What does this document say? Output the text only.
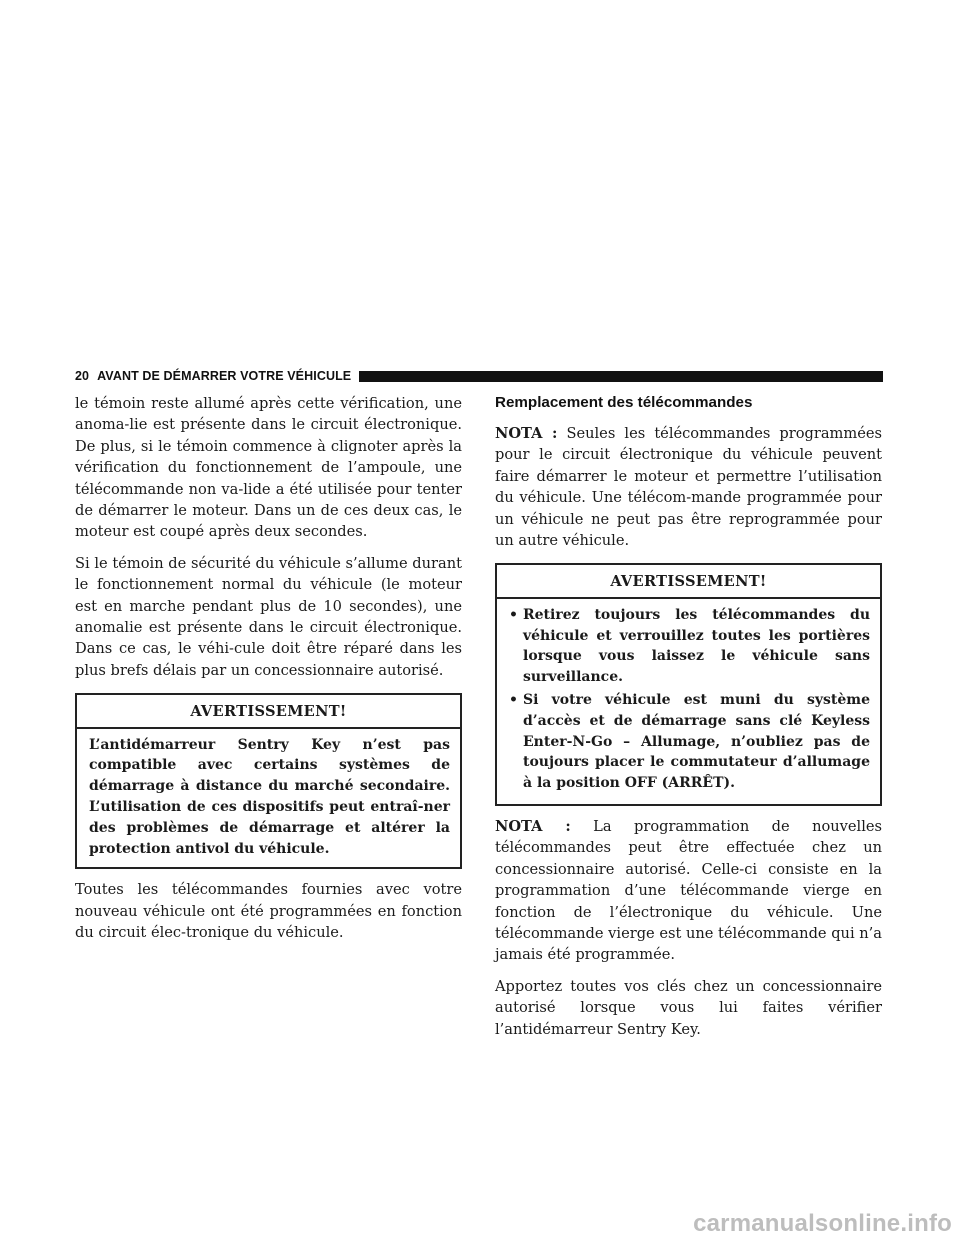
20 AVANT DE DÉMARRER VOTRE VÉHICULE

le témoin reste allumé après cette vérification, une anoma-lie est présente dans le circuit électronique. De plus, si le témoin commence à clignoter après la vérification du fonctionnement de l’ampoule, une télécommande non va-lide a été utilisée pour tenter de démarrer le moteur. Dans un de ces deux cas, le moteur est coupé après deux secondes.

Si le témoin de sécurité du véhicule s’allume durant le fonctionnement normal du véhicule (le moteur est en marche pendant plus de 10 secondes), une anomalie est présente dans le circuit électronique. Dans ce cas, le véhi-cule doit être réparé dans les plus brefs délais par un concessionnaire autorisé.

AVERTISSEMENT!
L’antidémarreur Sentry Key n’est pas compatible avec certains systèmes de démarrage à distance du marché secondaire. L’utilisation de ces dispositifs peut entraî-ner des problèmes de démarrage et altérer la protection antivol du véhicule.

Toutes les télécommandes fournies avec votre nouveau véhicule ont été programmées en fonction du circuit élec-tronique du véhicule.

Remplacement des télécommandes

NOTA : Seules les télécommandes programmées pour le circuit électronique du véhicule peuvent faire démarrer le moteur et permettre l’utilisation du véhicule. Une télécom-mande programmée pour un véhicule ne peut pas être reprogrammée pour un autre véhicule.

AVERTISSEMENT!
• Retirez toujours les télécommandes du véhicule et verrouillez toutes les portières lorsque vous laissez le véhicule sans surveillance.
• Si votre véhicule est muni du système d’accès et de démarrage sans clé Keyless Enter-N-Go – Allumage, n’oubliez pas de toujours placer le commutateur d’allumage à la position OFF (ARRÊT).

NOTA : La programmation de nouvelles télécommandes peut être effectuée chez un concessionnaire autorisé. Celle-ci consiste en la programmation d’une télécommande vierge en fonction de l’électronique du véhicule. Une télécommande vierge est une télécommande qui n’a jamais été programmée.

Apportez toutes vos clés chez un concessionnaire autorisé lorsque vous lui faites vérifier l’antidémarreur Sentry Key.

carmanualsonline.info
